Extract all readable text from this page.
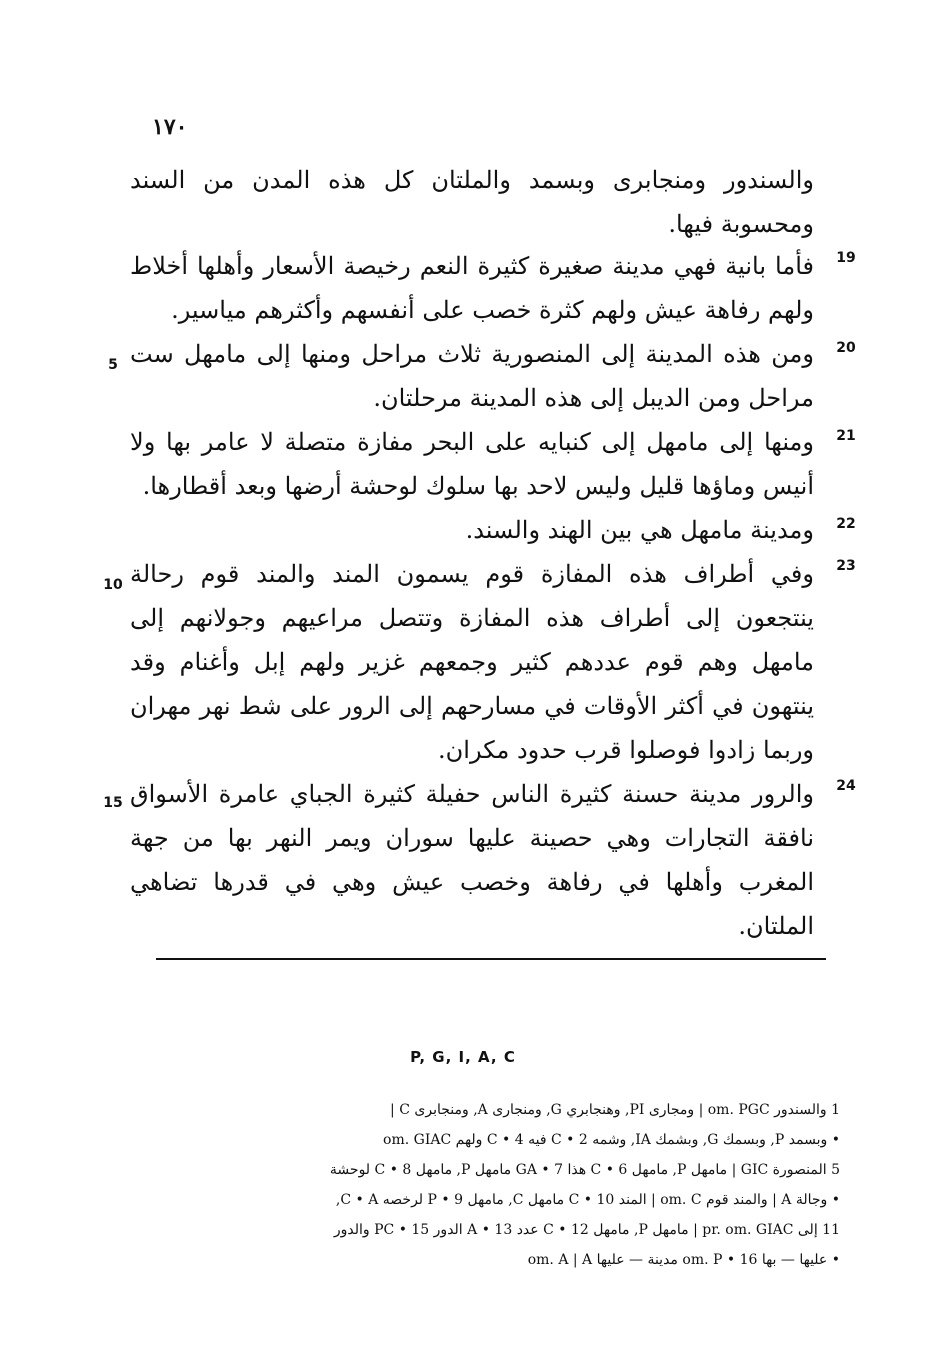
١٧٠
والسندور ومنجابرى وبسمد والملتان كل هذه المدن من السند ومحسوبة فيها.
19
فأما بانية فهي مدينة صغيرة كثيرة النعم رخيصة الأسعار وأهلها أخلاط ولهم رفاهة عيش ولهم كثرة خصب على أنفسهم وأكثرهم مياسير.
20
5 ومن هذه المدينة إلى المنصورية ثلاث مراحل ومنها إلى مامهل ست مراحل ومن الديبل إلى هذه المدينة مرحلتان.
21
ومنها إلى مامهل إلى كنبايه على البحر مفازة متصلة لا عامر بها ولا أنيس وماؤها قليل وليس لاحد بها سلوك لوحشة أرضها وبعد أقطارها.
22
ومدينة مامهل هي بين الهند والسند.
23
10 وفي أطراف هذه المفازة قوم يسمون المند والمند قوم رحالة ينتجعون إلى أطراف هذه المفازة وتتصل مراعيهم وجولانهم إلى مامهل وهم قوم عددهم كثير وجمعهم غزير ولهم إبل وأغنام وقد ينتهون في أكثر الأوقات في مسارحهم إلى الرور على شط نهر مهران وربما زادوا فوصلوا قرب حدود مكران.
24
15 والرور مدينة حسنة كثيرة الناس حفيلة كثيرة الجباي عامرة الأسواق نافقة التجارات وهي حصينة عليها سوران ويمر النهر بها من جهة المغرب وأهلها في رفاهة وخصب عيش وهي في قدرها تضاهي الملتان.
P, G, I, A, C
1 والسندور om. PGC | ومجارى PI, وهنجابري G, ومنجارى A, ومنجابرى C |
• وبسمد P, وبسمك G, وبشمك IA, وشمه C • 2 فيه C • 4 ولهم om. GIAC
5 المنصورة GIC | مامهل P, مامهل C • 6 هذا GA • 7 مامهل P, مامهل C • 8 لوحشة
• وجالة A | والمند قوم om. C | المند C • 10 مامهل C, مامهل P • 9 لرخصه C • A,
11 إلى pr. om. GIAC | مامهل P, مامهل C • 12 عدد A • 13 الدور PC • 15 والدور
• عليها — بها om. P • 16 مدينة — عليها om. A | A
